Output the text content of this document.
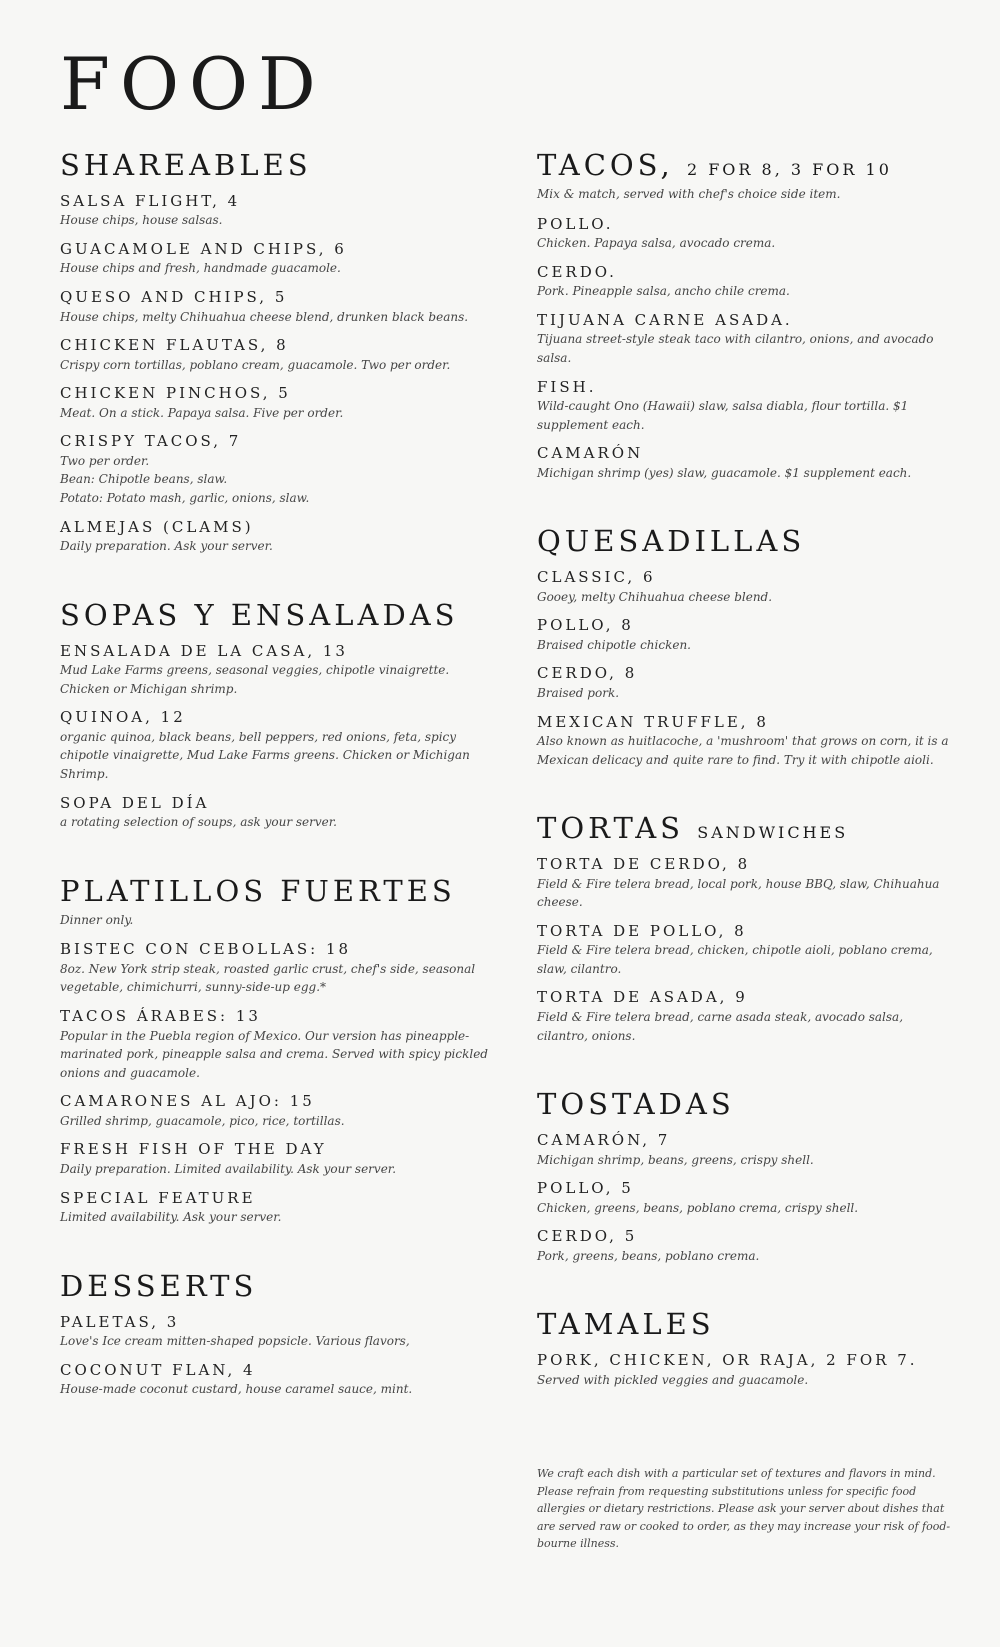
FOOD
SHAREABLES
SALSA FLIGHT, 4
House chips, house salsas.
GUACAMOLE AND CHIPS, 6
House chips and fresh, handmade guacamole.
QUESO AND CHIPS, 5
House chips, melty Chihuahua cheese blend, drunken black beans.
CHICKEN FLAUTAS, 8
Crispy corn tortillas, poblano cream, guacamole. Two per order.
CHICKEN PINCHOS, 5
Meat. On a stick. Papaya salsa. Five per order.
CRISPY TACOS, 7
Two per order.
Bean: Chipotle beans, slaw.
Potato: Potato mash, garlic, onions, slaw.
ALMEJAS (CLAMS)
Daily preparation. Ask your server.
SOPAS Y ENSALADAS
ENSALADA DE LA CASA, 13
Mud Lake Farms greens, seasonal veggies, chipotle vinaigrette. Chicken or Michigan shrimp.
QUINOA, 12
organic quinoa, black beans, bell peppers, red onions, feta, spicy chipotle vinaigrette, Mud Lake Farms greens. Chicken or Michigan Shrimp.
SOPA DEL DÍA
a rotating selection of soups, ask your server.
PLATILLOS FUERTES
Dinner only.
BISTEC CON CEBOLLAS: 18
8oz. New York strip steak, roasted garlic crust, chef's side, seasonal vegetable, chimichurri, sunny-side-up egg.*
TACOS ÁRABES: 13
Popular in the Puebla region of Mexico. Our version has pineapple-marinated pork, pineapple salsa and crema. Served with spicy pickled onions and guacamole.
CAMARONES AL AJO: 15
Grilled shrimp, guacamole, pico, rice, tortillas.
FRESH FISH OF THE DAY
Daily preparation. Limited availability. Ask your server.
SPECIAL FEATURE
Limited availability. Ask your server.
DESSERTS
PALETAS, 3
Love's Ice cream mitten-shaped popsicle. Various flavors,
COCONUT FLAN, 4
House-made coconut custard, house caramel sauce, mint.
TACOS, 2 FOR 8, 3 FOR 10
Mix & match, served with chef's choice side item.
POLLO.
Chicken. Papaya salsa, avocado crema.
CERDO.
Pork. Pineapple salsa, ancho chile crema.
TIJUANA CARNE ASADA.
Tijuana street-style steak taco with cilantro, onions, and avocado salsa.
FISH.
Wild-caught Ono (Hawaii) slaw, salsa diabla, flour tortilla. $1 supplement each.
CAMARÓN
Michigan shrimp (yes) slaw, guacamole. $1 supplement each.
QUESADILLAS
CLASSIC, 6
Gooey, melty Chihuahua cheese blend.
POLLO, 8
Braised chipotle chicken.
CERDO, 8
Braised pork.
MEXICAN TRUFFLE, 8
Also known as huitlacoche, a 'mushroom' that grows on corn, it is a Mexican delicacy and quite rare to find. Try it with chipotle aioli.
TORTAS SANDWICHES
TORTA DE CERDO, 8
Field & Fire telera bread, local pork, house BBQ, slaw, Chihuahua cheese.
TORTA DE POLLO, 8
Field & Fire telera bread, chicken, chipotle aioli, poblano crema, slaw, cilantro.
TORTA DE ASADA, 9
Field & Fire telera bread, carne asada steak, avocado salsa, cilantro, onions.
TOSTADAS
CAMARÓN, 7
Michigan shrimp, beans, greens, crispy shell.
POLLO, 5
Chicken, greens, beans, poblano crema, crispy shell.
CERDO, 5
Pork, greens, beans, poblano crema.
TAMALES
PORK, CHICKEN, OR RAJA, 2 FOR 7.
Served with pickled veggies and guacamole.
We craft each dish with a particular set of textures and flavors in mind. Please refrain from requesting substitutions unless for specific food allergies or dietary restrictions. Please ask your server about dishes that are served raw or cooked to order, as they may increase your risk of food-bourne illness.
